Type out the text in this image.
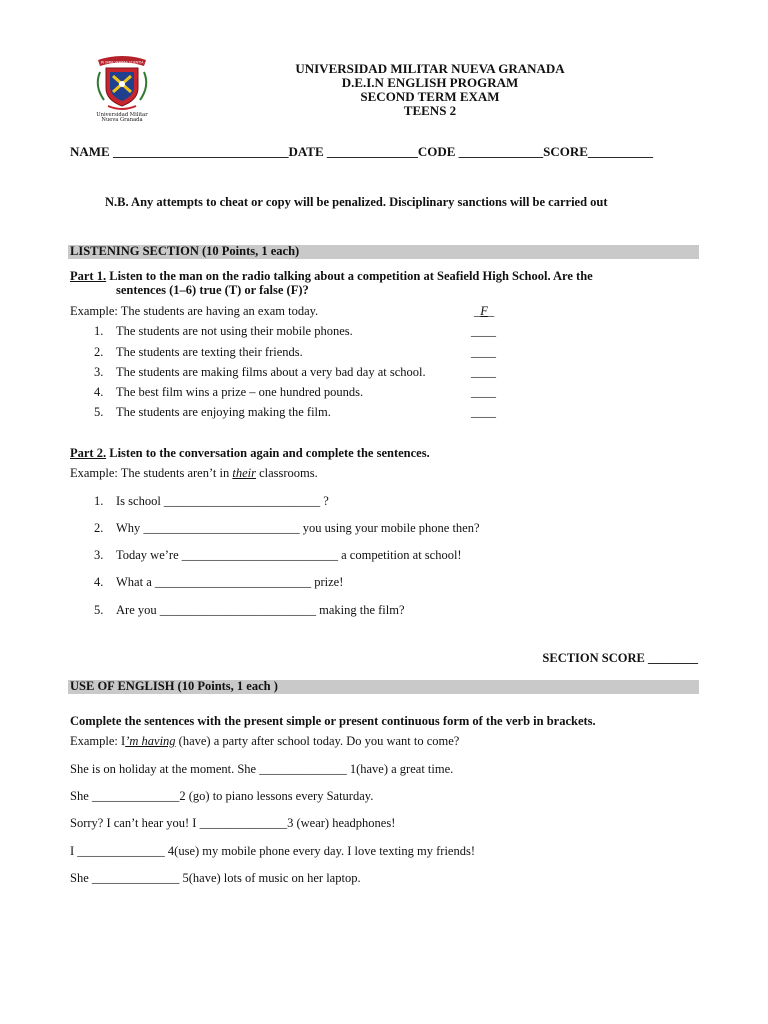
IN OMNI VERITAS SCIENTIA
Universidad Militar
Nueva Granada
UNIVERSIDAD MILITAR NUEVA GRANADA
D.E.I.N ENGLISH PROGRAM
SECOND TERM EXAM
TEENS 2
NAME ___________________________DATE ______________CODE _____________SCORE__________
N.B. Any attempts to cheat or copy will be penalized. Disciplinary sanctions will be carried out
LISTENING SECTION (10 Points, 1 each)
Part 1. Listen to the man on the radio talking about a competition at Seafield High School. Are the
sentences (1–6) true (T) or false (F)?
Example: The students are having an exam today.	_F_
1. The students are not using their mobile phones.	____
2. The students are texting their friends.	____
3. The students are making films about a very bad day at school.	____
4. The best film wins a prize – one hundred pounds.	____
5. The students are enjoying making the film.	____
Part 2. Listen to the conversation again and complete the sentences.
Example: The students aren’t in their classrooms.
1. Is school _________________________ ?
2. Why _________________________ you using your mobile phone then?
3. Today we’re _________________________ a competition at school!
4. What a _________________________ prize!
5. Are you _________________________ making the film?
SECTION SCORE ________
USE OF ENGLISH (10 Points, 1 each )
Complete the sentences with the present simple or present continuous form of the verb in brackets.
Example: I’m having (have) a party after school today. Do you want to come?
She is on holiday at the moment. She ______________ 1(have) a great time.
She ______________2 (go) to piano lessons every Saturday.
Sorry? I can’t hear you! I ______________3 (wear) headphones!
I ______________ 4(use) my mobile phone every day. I love texting my friends!
She ______________ 5(have) lots of music on her laptop.
